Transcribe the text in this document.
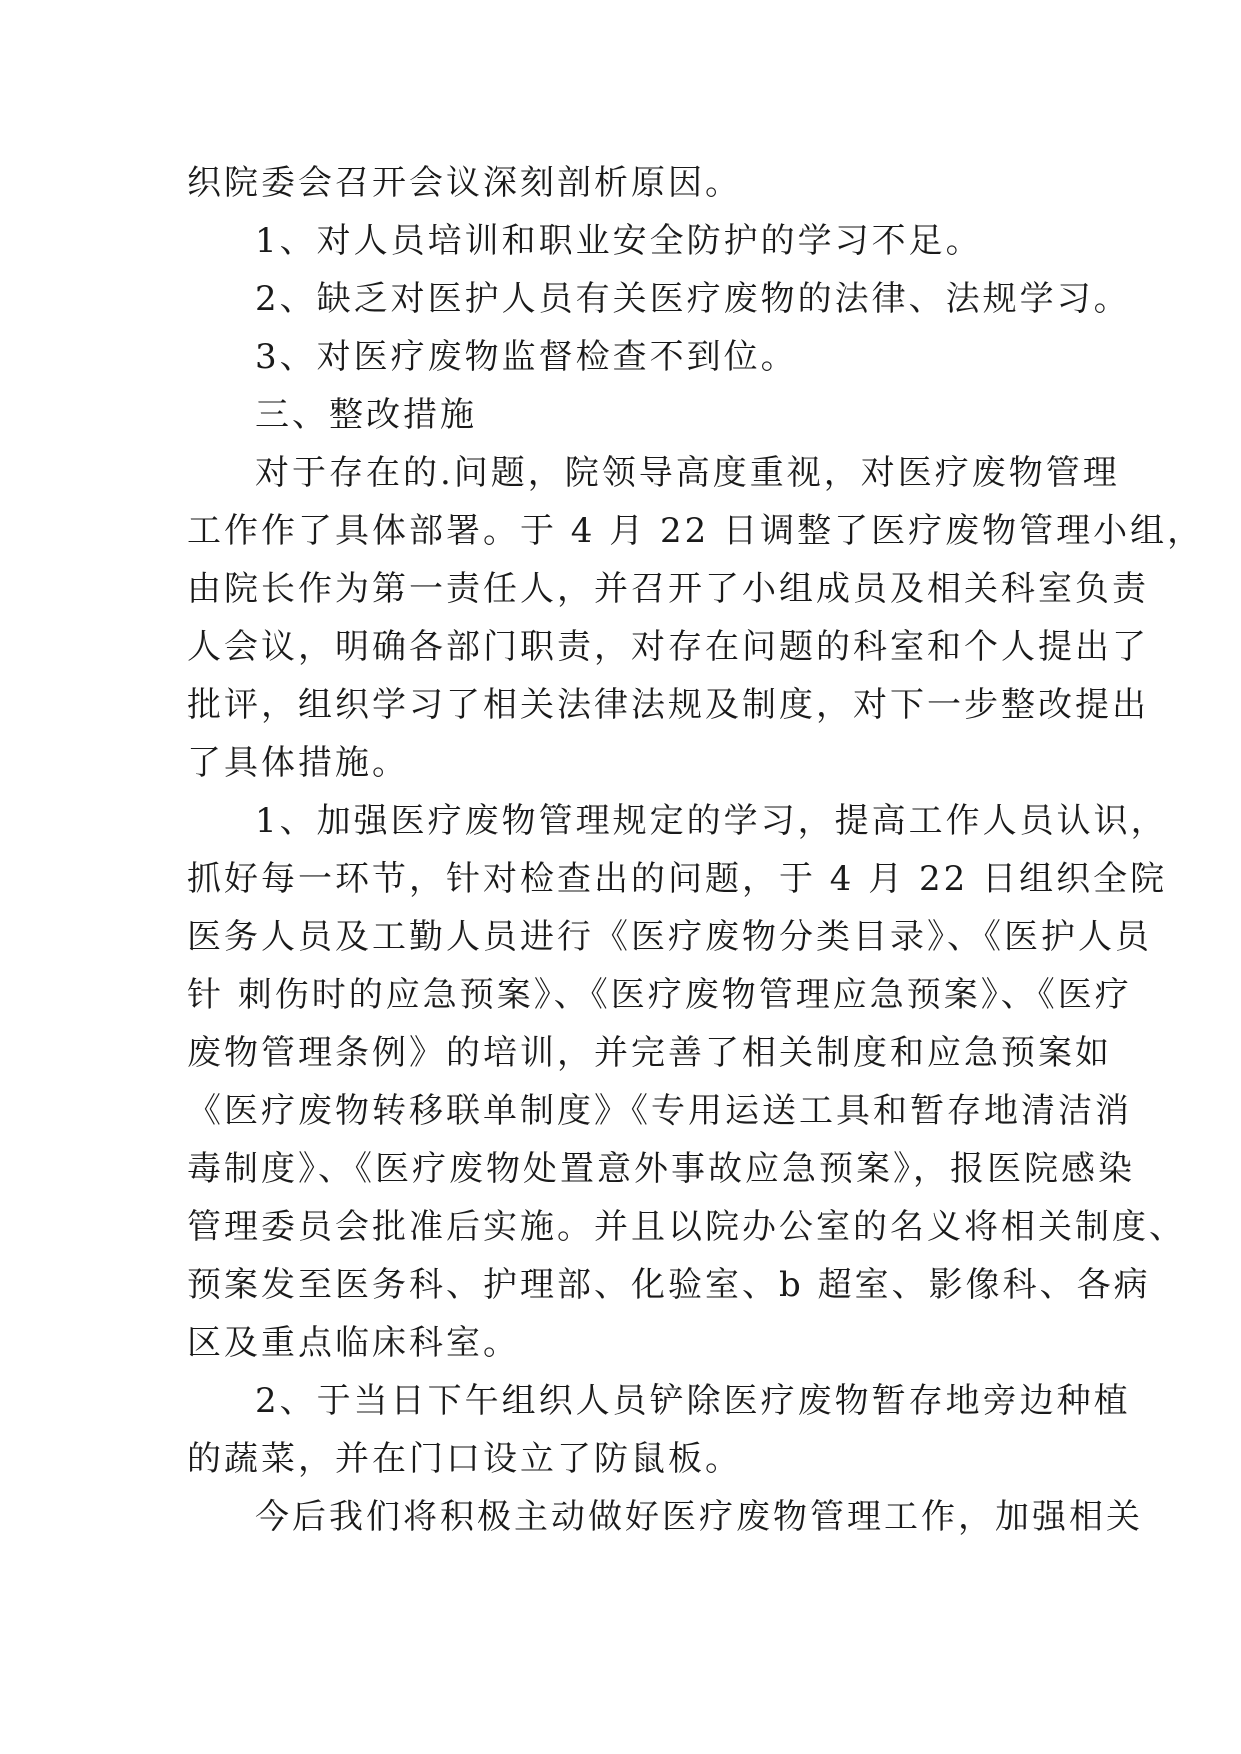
织院委会召开会议深刻剖析原因。
1、对人员培训和职业安全防护的学习不足。
2、缺乏对医护人员有关医疗废物的法律、法规学习。
3、对医疗废物监督检查不到位。
三、整改措施
对于存在的.问题，院领导高度重视，对医疗废物管理
工作作了具体部署。于 4 月 22 日调整了医疗废物管理小组，
由院长作为第一责任人，并召开了小组成员及相关科室负责
人会议，明确各部门职责，对存在问题的科室和个人提出了
批评，组织学习了相关法律法规及制度，对下一步整改提出
了具体措施。
1、加强医疗废物管理规定的学习，提高工作人员认识，
抓好每一环节，针对检查出的问题，于 4 月 22 日组织全院
医务人员及工勤人员进行《医疗废物分类目录》、《医护人员
针 刺伤时的应急预案》、《医疗废物管理应急预案》、《医疗
废物管理条例》的培训，并完善了相关制度和应急预案如
《医疗废物转移联单制度》《专用运送工具和暂存地清洁消
毒制度》、《医疗废物处置意外事故应急预案》，报医院感染
管理委员会批准后实施。并且以院办公室的名义将相关制度、
预案发至医务科、护理部、化验室、b 超室、影像科、各病
区及重点临床科室。
2、于当日下午组织人员铲除医疗废物暂存地旁边种植
的蔬菜，并在门口设立了防鼠板。
今后我们将积极主动做好医疗废物管理工作，加强相关
